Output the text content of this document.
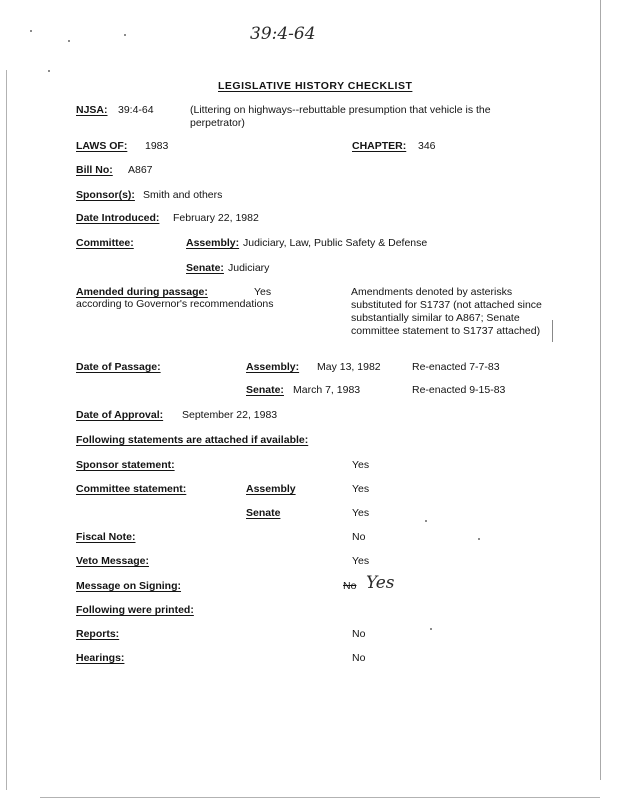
39:4-64
LEGISLATIVE HISTORY CHECKLIST
NJSA: 39:4-64	(Littering on highways--rebuttable presumption that vehicle is the perpetrator)
LAWS OF: 1983	CHAPTER: 346
Bill No: A867
Sponsor(s): Smith and others
Date Introduced: February 22, 1982
Committee:	Assembly: Judiciary, Law, Public Safety & Defense
Senate: Judiciary
Amended during passage:	Yes
according to Governor's recommendations
Amendments denoted by asterisks substituted for S1737 (not attached since substantially similar to A867; Senate committee statement to S1737 attached)
Date of Passage:	Assembly: May 13, 1982	Re-enacted 7-7-83
Senate: March 7, 1983	Re-enacted 9-15-83
Date of Approval: September 22, 1983
Following statements are attached if available:
Sponsor statement:	Yes
Committee statement:	Assembly	Yes
Senate	Yes
Fiscal Note:	No
Veto Message:	Yes
Message on Signing:	No Yes
Following were printed:
Reports:	No
Hearings:	No
